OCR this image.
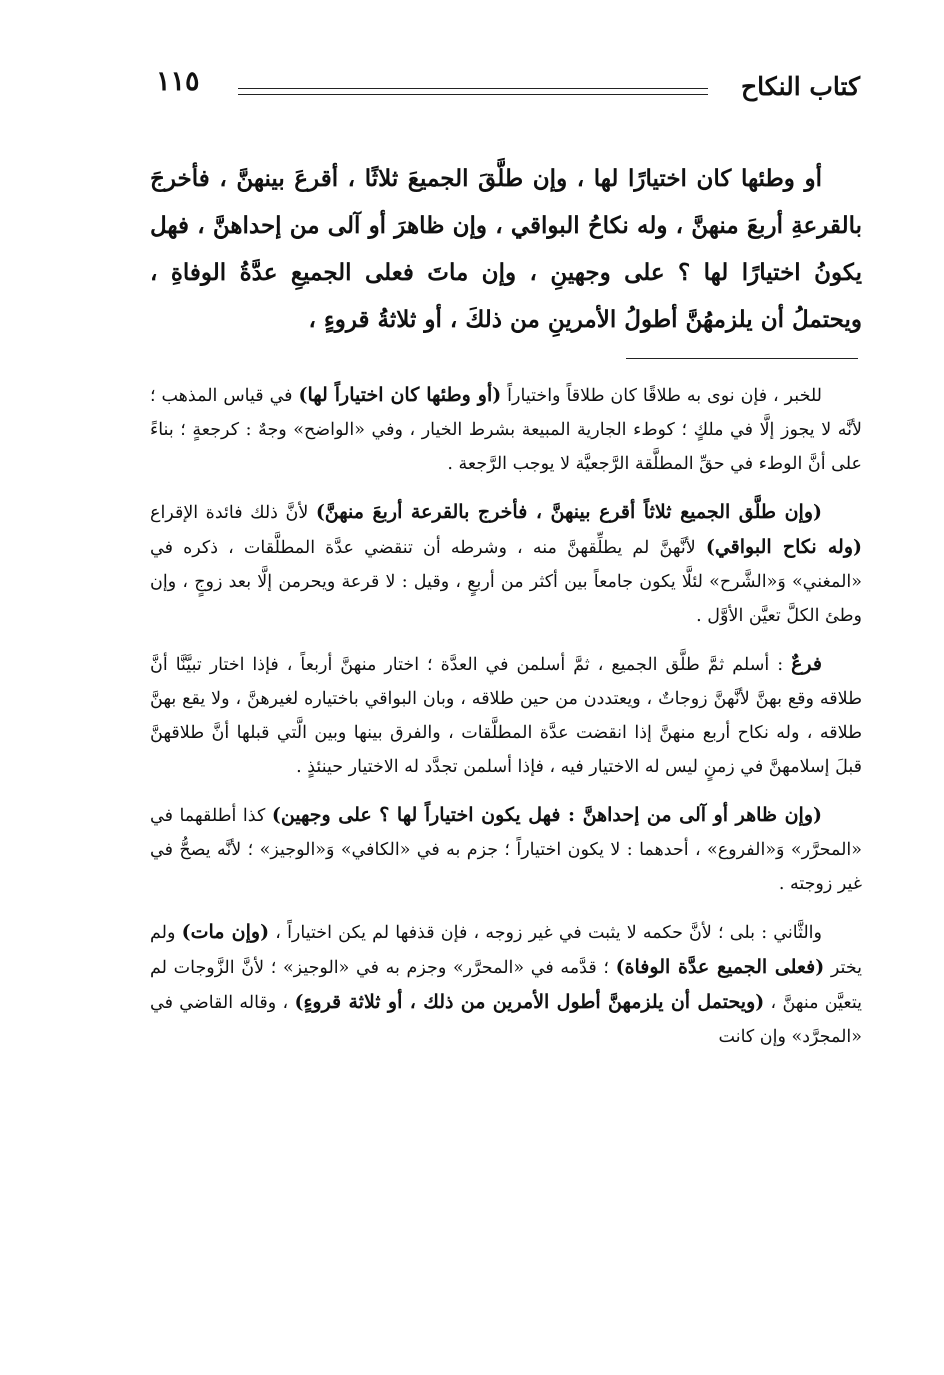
١١٥	كتاب النكاح

أو وطئها كان اختيارًا لها ، وإن طلَّقَ الجميعَ ثلاثًا ، أقرعَ بينهنَّ ، فأخرجَ بالقرعةِ أربعَ منهنَّ ، وله نكاحُ البواقي ، وإن ظاهرَ أو آلى من إحداهنَّ ، فهل يكونُ اختيارًا لها ؟ على وجهينِ ، وإن ماتَ فعلى الجميعِ عدَّةُ الوفاةِ ، ويحتملُ أن يلزمهُنَّ أطولُ الأمرينِ من ذلكَ ، أو ثلاثةُ قروءٍ ،

للخبر ، فإن نوى به طلاقًا كان طلاقاً واختياراً (أو وطئها كان اختياراً لها) في قياس المذهب ؛ لأنَّه لا يجوز إلَّا في ملكٍ ؛ كوطء الجارية المبيعة بشرط الخيار ، وفي «الواضح» وجهٌ : كرجعةٍ ؛ بناءً على أنَّ الوطء في حقِّ المطلَّقة الرَّجعيَّة لا يوجب الرَّجعة .

(وإن طلَّق الجميع ثلاثاً أقرع بينهنَّ ، فأخرج بالقرعة أربعَ منهنَّ) لأنَّ ذلك فائدة الإقراع (وله نكاح البواقي) لأنَّهنَّ لم يطلِّقهنَّ منه ، وشرطه أن تنقضي عدَّة المطلَّقات ، ذكره في «المغني» وَ«الشَّرح» لئلَّا يكون جامعاً بين أكثر من أربعٍ ، وقيل : لا قرعة ويحرمن إلَّا بعد زوجٍ ، وإن وطئ الكلَّ تعيَّن الأوَّل .

فرعٌ : أسلم ثمَّ طلَّق الجميع ، ثمَّ أسلمن في العدَّة ؛ اختار منهنَّ أربعاً ، فإذا اختار تبيَّنَّا أنَّ طلاقه وقع بهنَّ لأنَّهنَّ زوجاتٌ ، ويعتددن من حين طلاقه ، وبان البواقي باختياره لغيرهنَّ ، ولا يقع بهنَّ طلاقه ، وله نكاح أربع منهنَّ إذا انقضت عدَّة المطلَّقات ، والفرق بينها وبين الَّتي قبلها أنَّ طلاقهنَّ قبلَ إسلامهنَّ في زمنٍ ليس له الاختيار فيه ، فإذا أسلمن تجدَّد له الاختيار حينئذٍ .

(وإن ظاهر أو آلى من إحداهنَّ : فهل يكون اختياراً لها ؟ على وجهين) كذا أطلقهما في «المحرَّر» وَ«الفروع» ، أحدهما : لا يكون اختياراً ؛ جزم به في «الكافي» وَ«الوجيز» ؛ لأنَّه يصحُّ في غير زوجته .

والثَّاني : بلى ؛ لأنَّ حكمه لا يثبت في غير زوجه ، فإن قذفها لم يكن اختياراً ، (وإن مات) ولم يختر (فعلى الجميع عدَّة الوفاة) ؛ قدَّمه في «المحرَّر» وجزم به في «الوجيز» ؛ لأنَّ الزَّوجات لم يتعيَّن منهنَّ ، (ويحتمل أن يلزمهنَّ أطول الأمرين من ذلك ، أو ثلاثة قروءٍ) ، وقاله القاضي في «المجرَّد» وإن كانت
